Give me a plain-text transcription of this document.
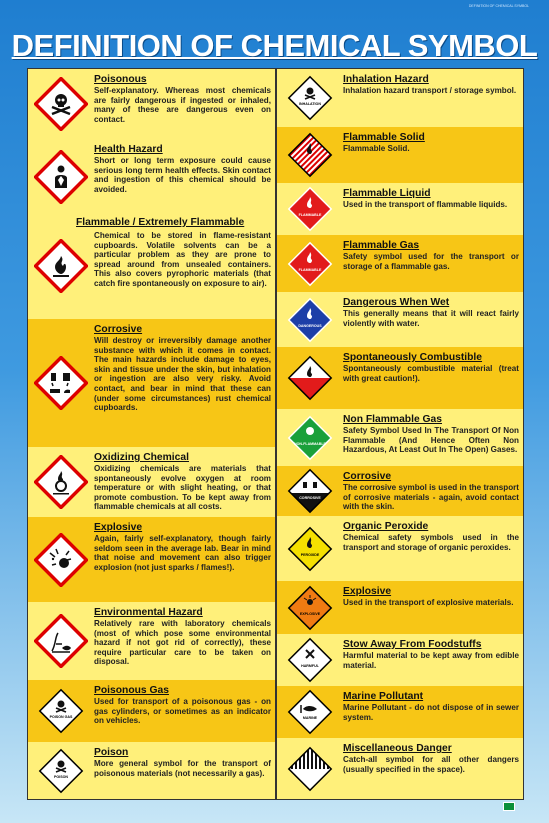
DEFINITION OF CHEMICAL SYMBOL
DEFINITION OF CHEMICAL SYMBOL
Poisonous
Self-explanatory. Whereas most chemicals are fairly dangerous if ingested or inhaled, many of these are dangerous even on contact.
Health Hazard
Short or long term exposure could cause serious long term health effects. Skin contact and ingestion of this chemical should be avoided.
Flammable / Extremely Flammable
Chemical to be stored in flame-resistant cupboards. Volatile solvents can be a particular problem as they are prone to spread around from unsealed containers. This also covers pyrophoric materials (that catch fire spontaneously on exposure to air).
Corrosive
Will destroy or irreversibly damage another substance with which it comes in contact. The main hazards include damage to eyes, skin and tissue under the skin, but inhalation or ingestion are also very risky. Avoid contact, and bear in mind that these can (under some circumstances) rust chemical cupboards.
Oxidizing Chemical
Oxidizing chemicals are materials that spontaneously evolve oxygen at room temperature or with slight heating, or that promote combustion. To be kept away from flammable chemicals at all costs.
Explosive
Again, fairly self-explanatory, though fairly seldom seen in the average lab. Bear in mind that noise and movement can also trigger explosion (not just sparks / flames!).
Environmental Hazard
Relatively rare with laboratory chemicals (most of which pose some environmental hazard if not got rid of correctly), these require particular care to be taken on disposal.
POISON GAS
Poisonous Gas
Used for transport of a poisonous gas - on gas cylinders, or sometimes as an indicator on vehicles.
POISON
Poison
More general symbol for the transport of poisonous materials (not necessarily a gas).
INHALATION
Inhalation Hazard
Inhalation hazard transport / storage symbol.
Flammable Solid
Flammable Solid.
FLAMMABLE
Flammable Liquid
Used in the transport of flammable liquids.
FLAMMABLE
Flammable Gas
Safety symbol used for the transport or storage of a flammable gas.
DANGEROUS
Dangerous When Wet
This generally means that it will react fairly violently with water.
Spontaneously Combustible
Spontaneously combustible material (treat with great caution!).
NON-FLAMMABLE
Non Flammable Gas
Safety Symbol Used In The Transport Of Non Flammable (And Hence Often Non Hazardous, At Least Out In The Open) Gases.
CORROSIVE
Corrosive
The corrosive symbol is used in the transport of corrosive materials - again, avoid contact with the skin.
PEROXIDE
Organic Peroxide
Chemical safety symbols used in the transport and storage of organic peroxides.
EXPLOSIVE
Explosive
Used in the transport of explosive materials.
HARMFUL
Stow Away From Foodstuffs
Harmful material to be kept away from edible material.
MARINE
Marine Pollutant
Marine Pollutant - do not dispose of in sewer system.
Miscellaneous Danger
Catch-all symbol for all other dangers (usually specified in the space).
